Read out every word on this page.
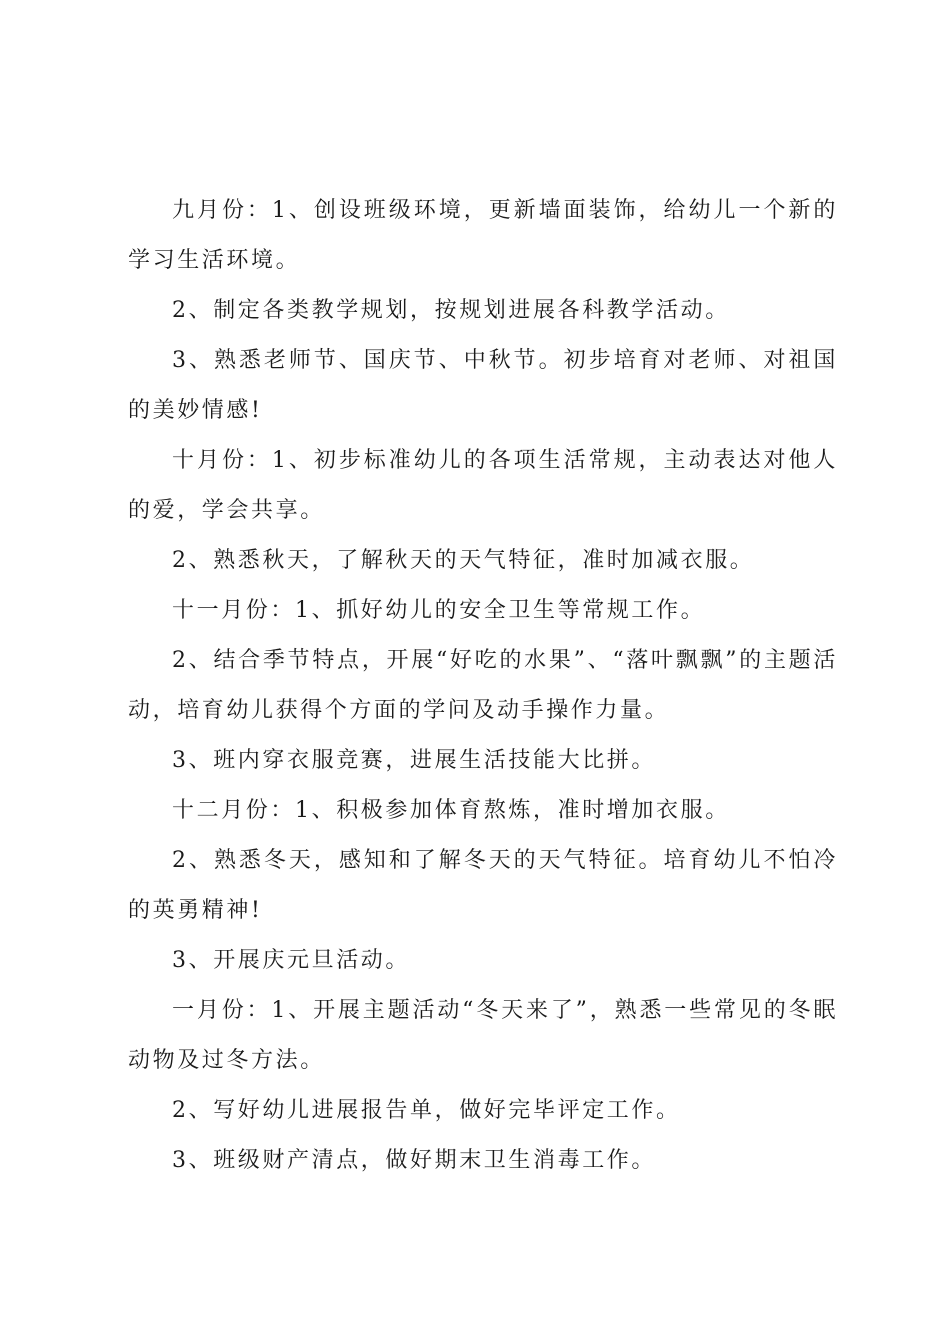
九月份：1、创设班级环境，更新墙面装饰，给幼儿一个新的学习生活环境。

2、制定各类教学规划，按规划进展各科教学活动。

3、熟悉老师节、国庆节、中秋节。初步培育对老师、对祖国的美妙情感!

十月份：1、初步标准幼儿的各项生活常规，主动表达对他人的爱，学会共享。

2、熟悉秋天，了解秋天的天气特征，准时加减衣服。

十一月份：1、抓好幼儿的安全卫生等常规工作。

2、结合季节特点，开展“好吃的水果”、“落叶飘飘”的主题活动，培育幼儿获得个方面的学问及动手操作力量。

3、班内穿衣服竞赛，进展生活技能大比拼。

十二月份：1、积极参加体育熬炼，准时增加衣服。

2、熟悉冬天，感知和了解冬天的天气特征。培育幼儿不怕冷的英勇精神!

3、开展庆元旦活动。

一月份：1、开展主题活动“冬天来了”，熟悉一些常见的冬眠动物及过冬方法。

2、写好幼儿进展报告单，做好完毕评定工作。

3、班级财产清点，做好期末卫生消毒工作。
